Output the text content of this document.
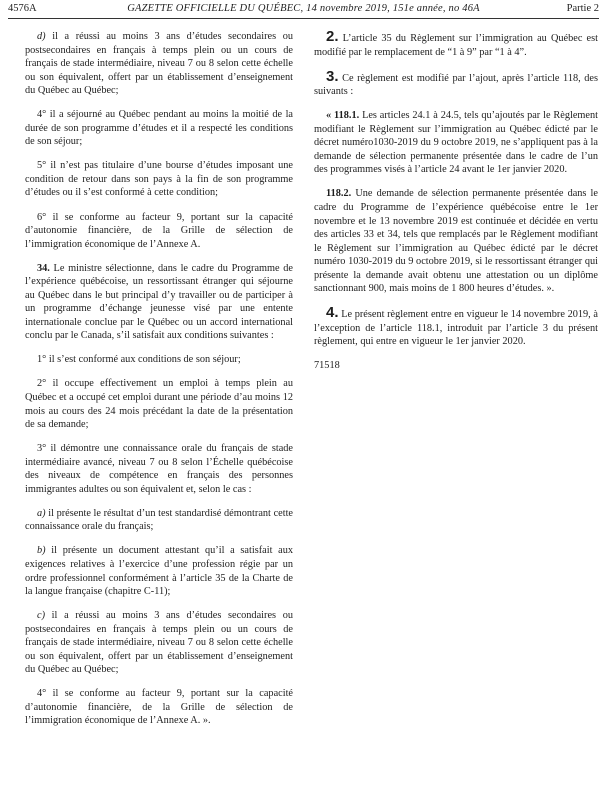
4576A	GAZETTE OFFICIELLE DU QUÉBEC, 14 novembre 2019, 151e année, no 46A	Partie 2

d) il a réussi au moins 3 ans d’études secondaires ou postsecondaires en français à temps plein ou un cours de français de stade intermédiaire, niveau 7 ou 8 selon cette échelle ou son équivalent, offert par un établissement d’enseignement du Québec au Québec;

4° il a séjourné au Québec pendant au moins la moitié de la durée de son programme d’études et il a respecté les conditions de son séjour;

5° il n’est pas titulaire d’une bourse d’études imposant une condition de retour dans son pays à la fin de son programme d’études ou il s’est conformé à cette condition;

6° il se conforme au facteur 9, portant sur la capacité d’autonomie financière, de la Grille de sélection de l’immigration économique de l’Annexe A.

34. Le ministre sélectionne, dans le cadre du Programme de l’expérience québécoise, un ressortissant étranger qui séjourne au Québec dans le but principal d’y travailler ou de participer à un programme d’échange jeunesse visé par une entente internationale conclue par le Québec ou un accord international conclu par le Canada, s’il satisfait aux conditions suivantes :

1° il s’est conformé aux conditions de son séjour;

2° il occupe effectivement un emploi à temps plein au Québec et a occupé cet emploi durant une période d’au moins 12 mois au cours des 24 mois précédant la date de la présentation de sa demande;

3° il démontre une connaissance orale du français de stade intermédiaire avancé, niveau 7 ou 8 selon l’Échelle québécoise des niveaux de compétence en français des personnes immigrantes adultes ou son équivalent et, selon le cas :

a) il présente le résultat d’un test standardisé démontrant cette connaissance orale du français;

b) il présente un document attestant qu’il a satisfait aux exigences relatives à l’exercice d’une profession régie par un ordre professionnel conformément à l’article 35 de la Charte de la langue française (chapitre C-11);

c) il a réussi au moins 3 ans d’études secondaires ou postsecondaires en français à temps plein ou un cours de français de stade intermédiaire, niveau 7 ou 8 selon cette échelle ou son équivalent, offert par un établissement d’enseignement du Québec au Québec;

4° il se conforme au facteur 9, portant sur la capacité d’autonomie financière, de la Grille de sélection de l’immigration économique de l’Annexe A. ».

2. L’article 35 du Règlement sur l’immigration au Québec est modifié par le remplacement de “1 à 9” par “1 à 4”.

3. Ce règlement est modifié par l’ajout, après l’article 118, des suivants :

« 118.1. Les articles 24.1 à 24.5, tels qu’ajoutés par le Règlement modifiant le Règlement sur l’immigration au Québec édicté par le décret numéro1030-2019 du 9 octobre 2019, ne s’appliquent pas à la demande de sélection permanente présentée dans le cadre de l’un des programmes visés à l’article 24 avant le 1er janvier 2020.

118.2. Une demande de sélection permanente présentée dans le cadre du Programme de l’expérience québécoise entre le 1er novembre et le 13 novembre 2019 est continuée et décidée en vertu des articles 33 et 34, tels que remplacés par le Règlement modifiant le Règlement sur l’immigration au Québec édicté par le décret numéro 1030-2019 du 9 octobre 2019, si le ressortissant étranger qui présente la demande avait obtenu une attestation ou un diplôme sanctionnant 900, mais moins de 1 800 heures d’études. ».

4. Le présent règlement entre en vigueur le 14 novembre 2019, à l’exception de l’article 118.1, introduit par l’article 3 du présent règlement, qui entre en vigueur le 1er janvier 2020.

71518
